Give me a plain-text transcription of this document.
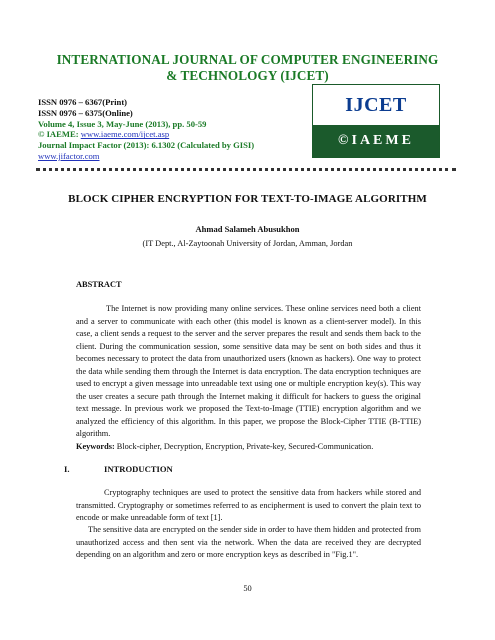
INTERNATIONAL JOURNAL OF COMPUTER ENGINEERING
& TECHNOLOGY (IJCET)
ISSN 0976 – 6367(Print)
ISSN 0976 – 6375(Online)
Volume 4, Issue 3, May-June (2013), pp. 50-59
© IAEME: www.iaeme.com/ijcet.asp
Journal Impact Factor (2013): 6.1302 (Calculated by GISI)
www.jifactor.com
IJCET
©IAEME
BLOCK CIPHER ENCRYPTION FOR TEXT-TO-IMAGE ALGORITHM
Ahmad Salameh Abusukhon
(IT Dept., Al-Zaytoonah University of Jordan, Amman, Jordan
ABSTRACT

The Internet is now providing many online services. These online services need both a client and a server to communicate with each other (this model is known as a client-server model). In this case, a client sends a request to the server and the server prepares the result and sends them back to the client. During the communication session, some sensitive data may be sent on both sides and thus it becomes necessary to protect the data from unauthorized users (known as hackers). One way to protect the data while sending them through the Internet is data encryption. The data encryption techniques are used to encrypt a given message into unreadable text using one or multiple encryption key(s). This way the user creates a secure path through the Internet making it difficult for hackers to guess the original text message. In previous work we proposed the Text-to-Image (TTIE) encryption algorithm and we analyzed the efficiency of this algorithm. In this paper, we propose the Block-Cipher TTIE (B-TTIE) algorithm.

Keywords: Block-cipher, Decryption, Encryption, Private-key, Secured-Communication.

I.	INTRODUCTION

Cryptography techniques are used to protect the sensitive data from hackers while stored and transmitted. Cryptography or sometimes referred to as encipherment is used to convert the plain text to encode or make unreadable form of text [1].

The sensitive data are encrypted on the sender side in order to have them hidden and protected from unauthorized access and then sent via the network. When the data are received they are decrypted depending on an algorithm and zero or more encryption keys as described in "Fig.1".

50
